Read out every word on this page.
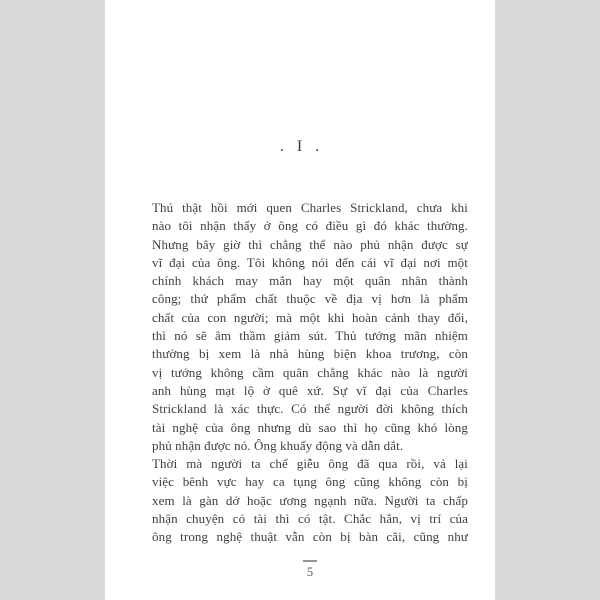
. I .
Thú thật hồi mới quen Charles Strickland, chưa khi
nào tôi nhận thấy ở ông có điều gì đó khác thường.
Nhưng bây giờ thì chẳng thể nào phủ nhận được sự
vĩ đại của ông. Tôi không nói đến cái vĩ đại nơi một
chính khách may mắn hay một quân nhân thành
công; thứ phẩm chất thuộc về địa vị hơn là phẩm
chất của con người; mà một khi hoàn cảnh thay đổi,
thì nó sẽ âm thầm giảm sút. Thủ tướng mãn nhiệm
thường bị xem là nhà hùng biện khoa trương, còn
vị tướng không cầm quân chẳng khác nào là người
anh hùng mạt lộ ở quê xứ. Sự vĩ đại của Charles
Strickland là xác thực. Có thể người đời không thích
tài nghệ của ông nhưng dù sao thì họ cũng khó lòng
phủ nhận được nó. Ông khuấy động và dẫn dắt.
Thời mà người ta chế giễu ông đã qua rồi, vả lại
việc bênh vực hay ca tụng ông cũng không còn bị
xem là gàn dở hoặc ương ngạnh nữa. Người ta chấp
nhận chuyện có tài thì có tật. Chắc hẳn, vị trí của
ông trong nghệ thuật vẫn còn bị bàn cãi, cũng như
5
